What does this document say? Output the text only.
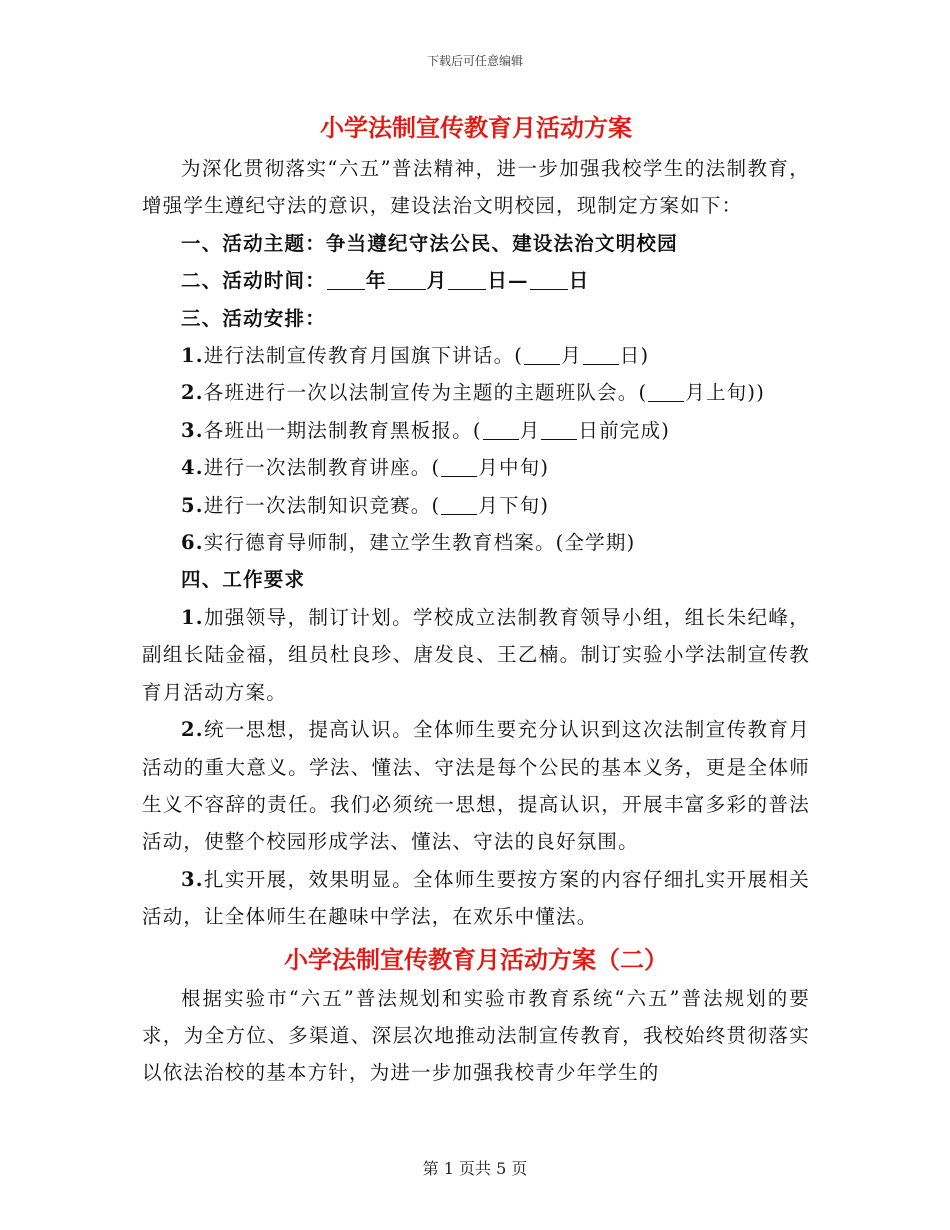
下载后可任意编辑
小学法制宣传教育月活动方案

为深化贯彻落实“六五”普法精神，进一步加强我校学生的法制教育，增强学生遵纪守法的意识，建设法治文明校园，现制定方案如下：

一、活动主题：争当遵纪守法公民、建设法治文明校园

二、活动时间： 年 月 日— 日

三、活动安排：

1.进行法制宣传教育月国旗下讲话。( 月 日)

2.各班进行一次以法制宣传为主题的主题班队会。( 月上旬))

3.各班出一期法制教育黑板报。( 月 日前完成)

4.进行一次法制教育讲座。( 月中旬)

5.进行一次法制知识竞赛。( 月下旬)

6.实行德育导师制，建立学生教育档案。(全学期)

四、工作要求

1.加强领导，制订计划。学校成立法制教育领导小组，组长朱纪峰，副组长陆金福，组员杜良珍、唐发良、王乙楠。制订实验小学法制宣传教育月活动方案。

2.统一思想，提高认识。全体师生要充分认识到这次法制宣传教育月活动的重大意义。学法、懂法、守法是每个公民的基本义务，更是全体师生义不容辞的责任。我们必须统一思想，提高认识，开展丰富多彩的普法活动，使整个校园形成学法、懂法、守法的良好氛围。

3.扎实开展，效果明显。全体师生要按方案的内容仔细扎实开展相关活动，让全体师生在趣味中学法，在欢乐中懂法。

小学法制宣传教育月活动方案（二）

根据实验市“六五”普法规划和实验市教育系统“六五”普法规划的要求，为全方位、多渠道、深层次地推动法制宣传教育，我校始终贯彻落实以依法治校的基本方针，为进一步加强我校青少年学生的

第 1 页共 5 页
